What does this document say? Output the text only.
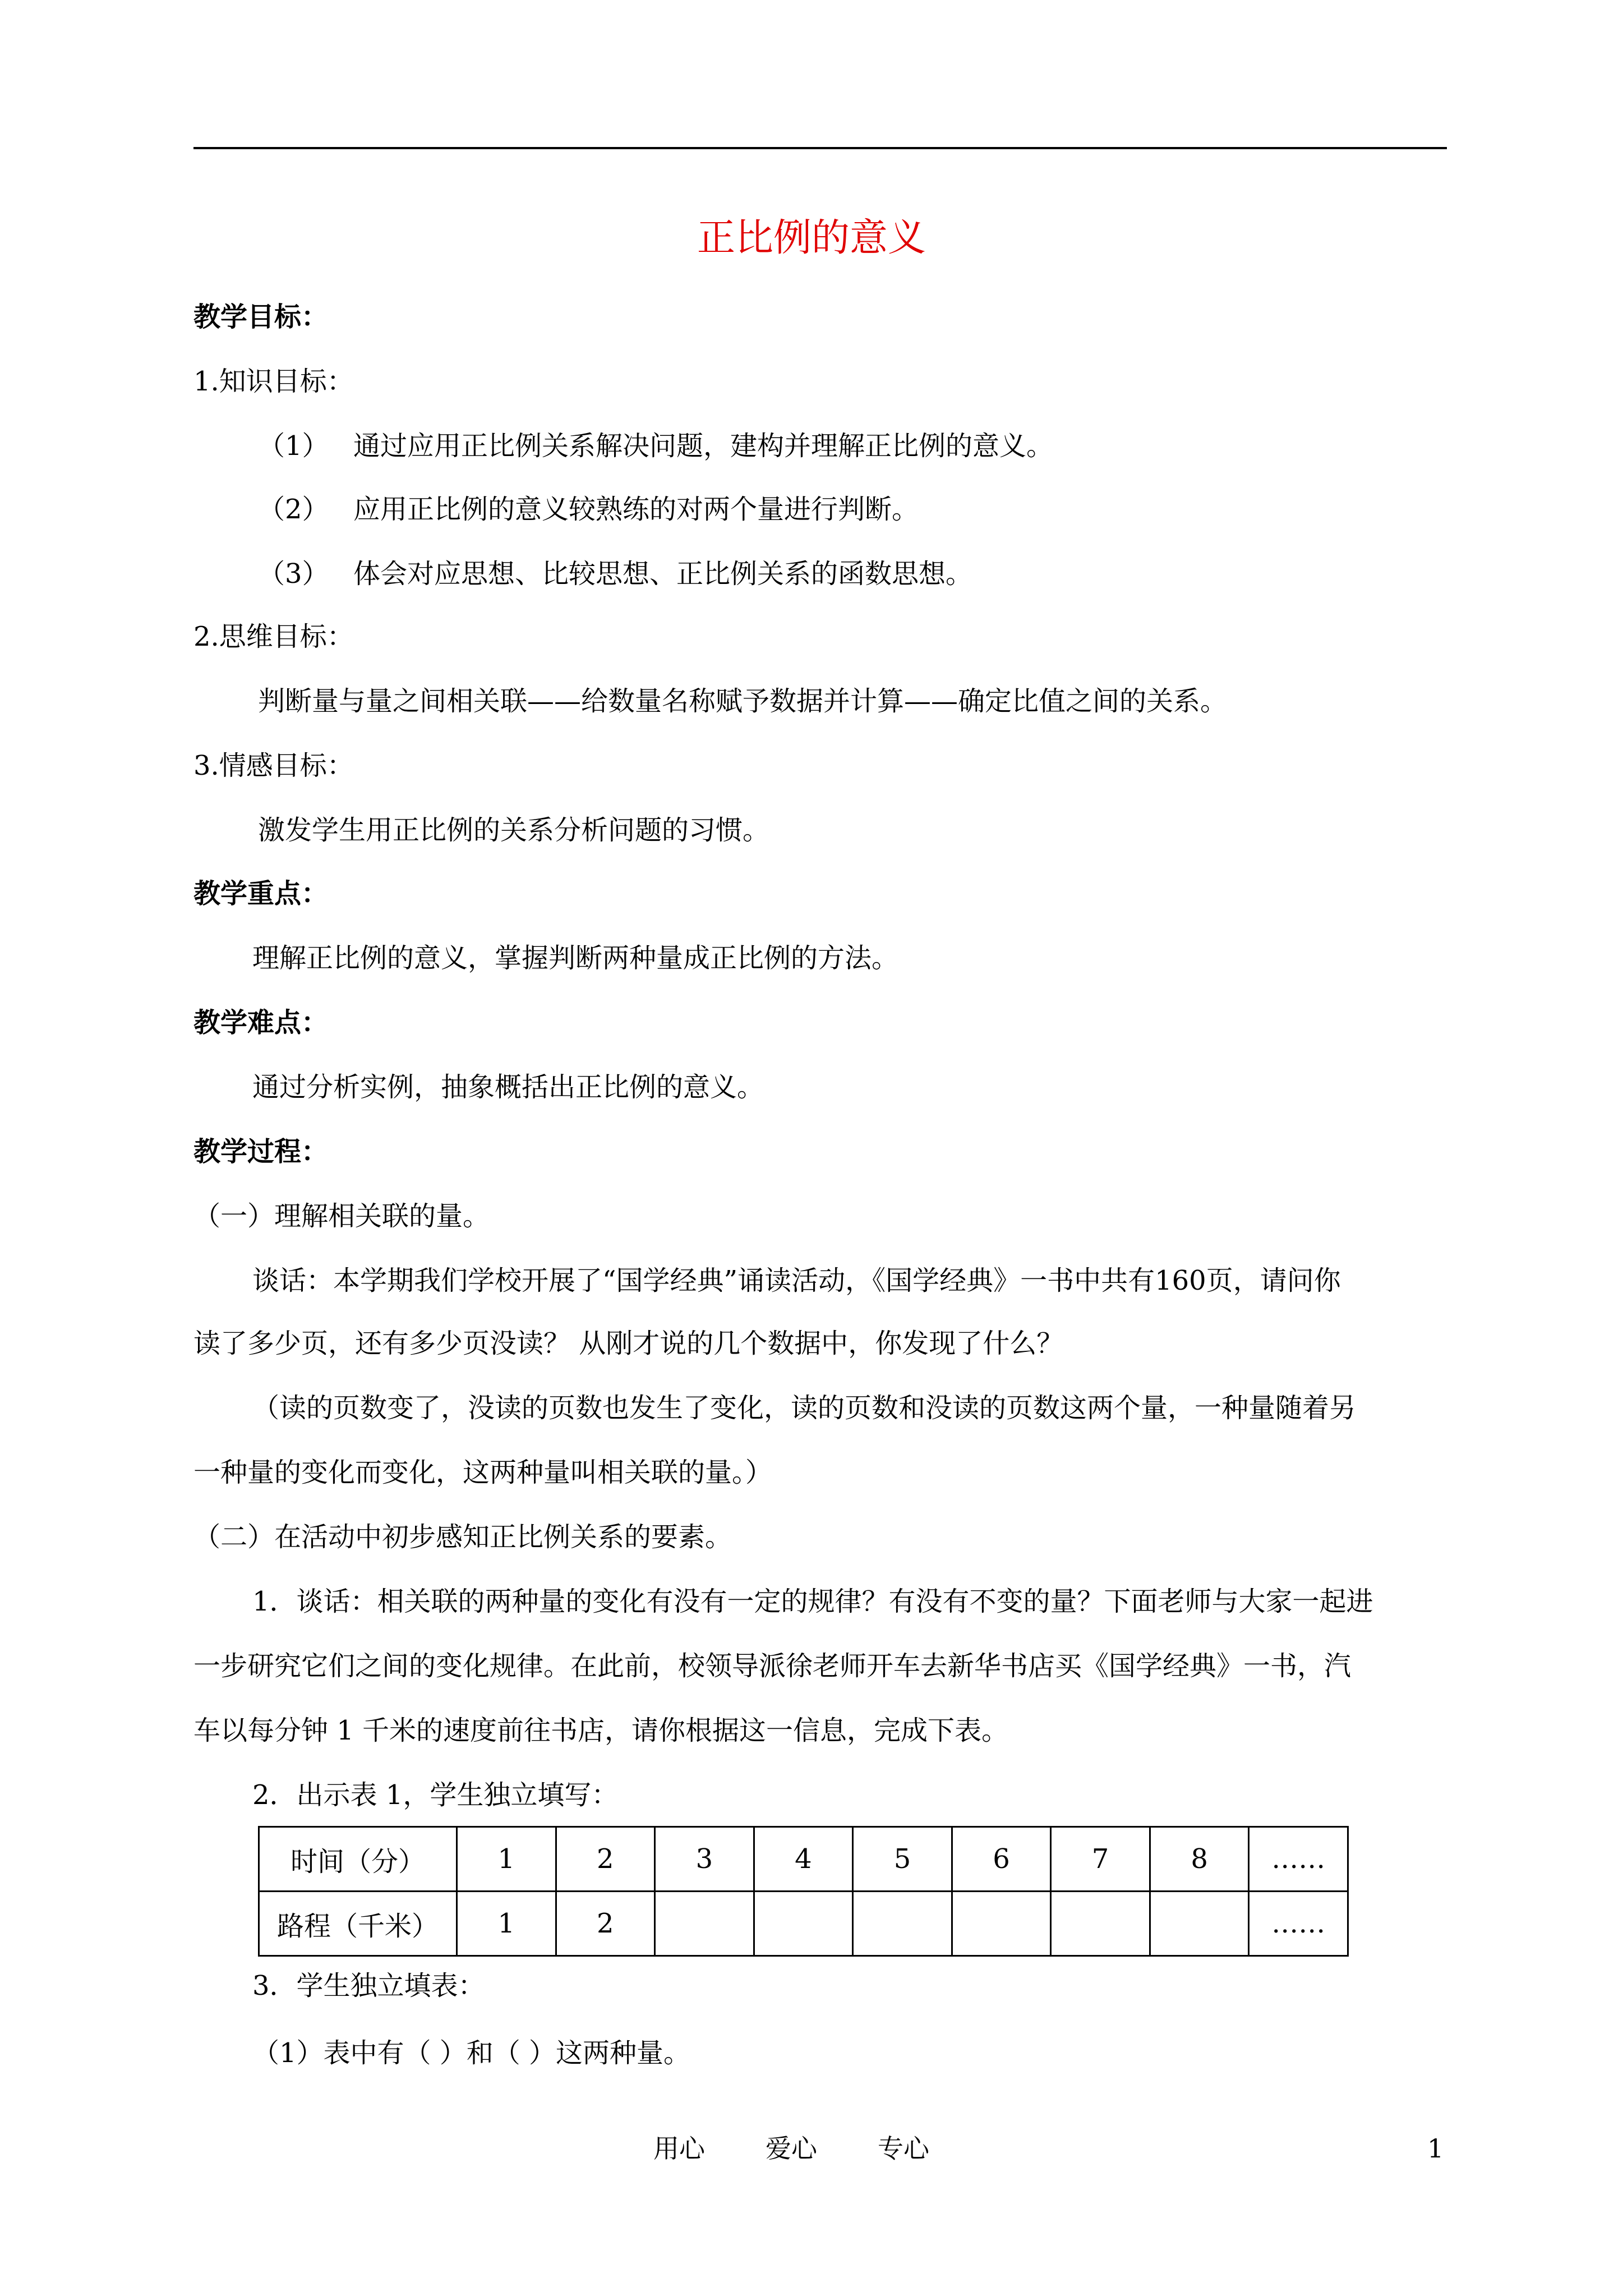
正比例的意义
教学目标：
1.知识目标：
（1） 通过应用正比例关系解决问题，建构并理解正比例的意义。
（2） 应用正比例的意义较熟练的对两个量进行判断。
（3） 体会对应思想、比较思想、正比例关系的函数思想。
2.思维目标：
判断量与量之间相关联——给数量名称赋予数据并计算——确定比值之间的关系。
3.情感目标：
激发学生用正比例的关系分析问题的习惯。
教学重点：
理解正比例的意义，掌握判断两种量成正比例的方法。
教学难点：
通过分析实例，抽象概括出正比例的意义。
教学过程：
（一）理解相关联的量。
谈话：本学期我们学校开展了“国学经典”诵读活动，《国学经典》一书中共有160页，请问你
读了多少页，还有多少页没读？ 从刚才说的几个数据中，你发现了什么？
（读的页数变了，没读的页数也发生了变化，读的页数和没读的页数这两个量，一种量随着另
一种量的变化而变化，这两种量叫相关联的量。）
（二）在活动中初步感知正比例关系的要素。
1．谈话：相关联的两种量的变化有没有一定的规律？有没有不变的量？下面老师与大家一起进
一步研究它们之间的变化规律。在此前，校领导派徐老师开车去新华书店买《国学经典》一书，汽
车以每分钟 1 千米的速度前往书店，请你根据这一信息，完成下表。
2．出示表 1，学生独立填写：
时间（分）	1	2	3	4	5	6	7	8	……
路程（千米）	1	2							……
3．学生独立填表：
（1）表中有（ ）和（ ）这两种量。
用心 爱心 专心	1
